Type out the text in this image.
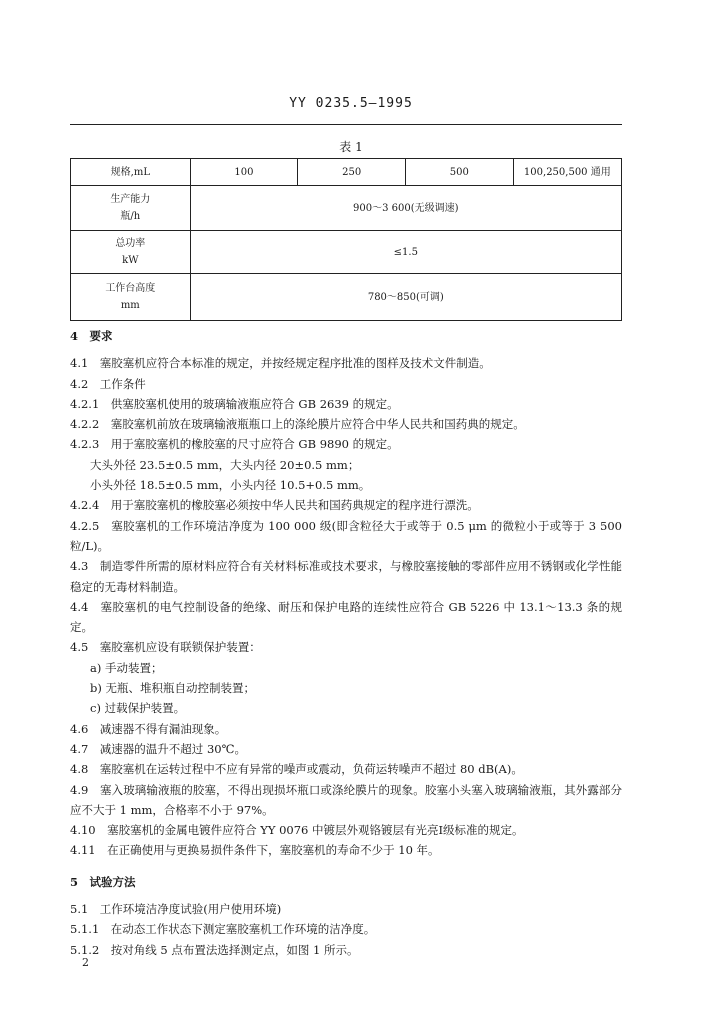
YY 0235.5—1995
表 1
规格,mL	100	250	500	100,250,500 通用

生产能力
瓶/h	900～3 600(无级调速)			

总功率
kW	≤1.5			

工作台高度
mm	780～850(可调)			

4　要求

4.1　塞胶塞机应符合本标准的规定，并按经规定程序批准的图样及技术文件制造。

4.2　工作条件

4.2.1　供塞胶塞机使用的玻璃输液瓶应符合 GB 2639 的规定。

4.2.2　塞胶塞机前放在玻璃输液瓶瓶口上的涤纶膜片应符合中华人民共和国药典的规定。

4.2.3　用于塞胶塞机的橡胶塞的尺寸应符合 GB 9890 的规定。

大头外径 23.5±0.5 mm，大头内径 20±0.5 mm；

小头外径 18.5±0.5 mm，小头内径 10.5+0.5 mm。

4.2.4　用于塞胶塞机的橡胶塞必须按中华人民共和国药典规定的程序进行漂洗。

4.2.5　塞胶塞机的工作环境洁净度为 100 000 级(即含粒径大于或等于 0.5 μm 的微粒小于或等于 3 500 粒/L)。

4.3　制造零件所需的原材料应符合有关材料标准或技术要求，与橡胶塞接触的零部件应用不锈钢或化学性能稳定的无毒材料制造。

4.4　塞胶塞机的电气控制设备的绝缘、耐压和保护电路的连续性应符合 GB 5226 中 13.1～13.3 条的规定。

4.5　塞胶塞机应设有联锁保护装置：

a) 手动装置；

b) 无瓶、堆积瓶自动控制装置；

c) 过载保护装置。

4.6　减速器不得有漏油现象。

4.7　减速器的温升不超过 30℃。

4.8　塞胶塞机在运转过程中不应有异常的噪声或震动，负荷运转噪声不超过 80 dB(A)。

4.9　塞入玻璃输液瓶的胶塞，不得出现损坏瓶口或涤纶膜片的现象。胶塞小头塞入玻璃输液瓶，其外露部分应不大于 1 mm，合格率不小于 97%。

4.10　塞胶塞机的金属电镀件应符合 YY 0076 中镀层外观铬镀层有光亮Ⅰ级标准的规定。

4.11　在正确使用与更换易损件条件下，塞胶塞机的寿命不少于 10 年。

5　试验方法

5.1　工作环境洁净度试验(用户使用环境)

5.1.1　在动态工作状态下测定塞胶塞机工作环境的洁净度。

5.1.2　按对角线 5 点布置法选择测定点，如图 1 所示。

2
